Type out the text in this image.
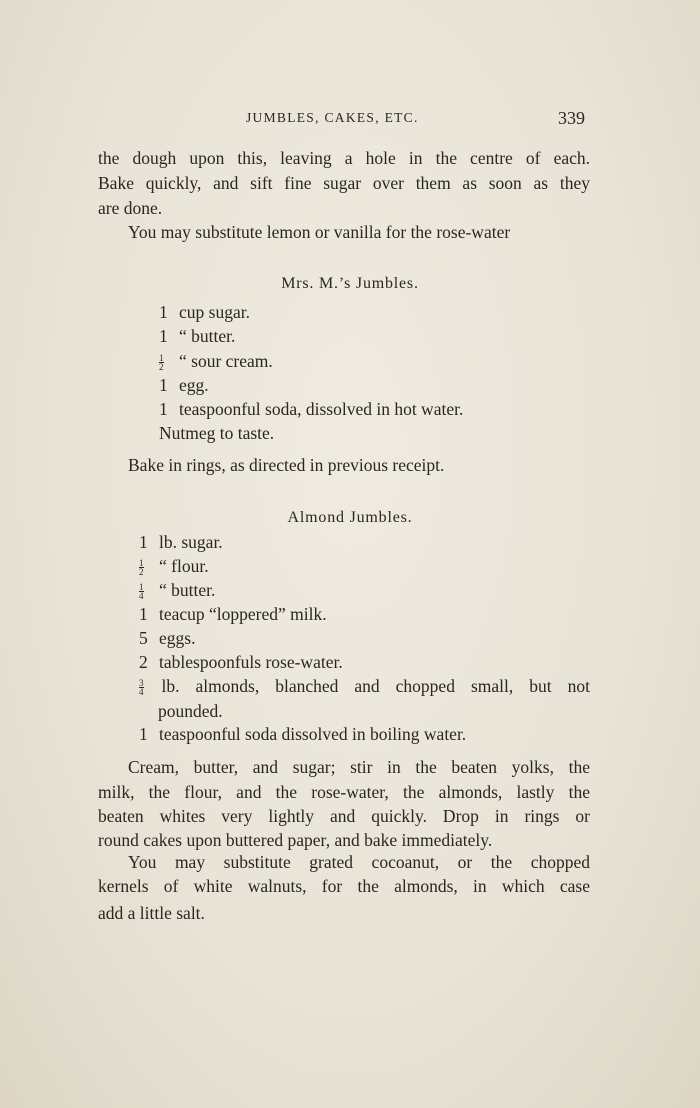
JUMBLES, CAKES, ETC.	339
the dough upon this, leaving a hole in the centre of each.
Bake quickly, and sift fine sugar over them as soon as they
are done.
You may substitute lemon or vanilla for the rose-water
Mrs. M.’s Jumbles.
1 cup sugar.
1 “ butter.
$\frac{1}{2}$ “ sour cream.
1 egg.
1 teaspoonful soda, dissolved in hot water.
Nutmeg to taste.
Bake in rings, as directed in previous receipt.
Almond Jumbles.
1 lb. sugar.
$\frac{1}{2}$ “ flour.
$\frac{1}{4}$ “ butter.
1 teacup “loppered” milk.
5 eggs.
2 tablespoonfuls rose-water.
$\frac{3}{4}$ lb. almonds, blanched and chopped small, but not
pounded.
1 teaspoonful soda dissolved in boiling water.
Cream, butter, and sugar; stir in the beaten yolks, the
milk, the flour, and the rose-water, the almonds, lastly the
beaten whites very lightly and quickly. Drop in rings or
round cakes upon buttered paper, and bake immediately.
You may substitute grated cocoanut, or the chopped
kernels of white walnuts, for the almonds, in which case
add a little salt.
